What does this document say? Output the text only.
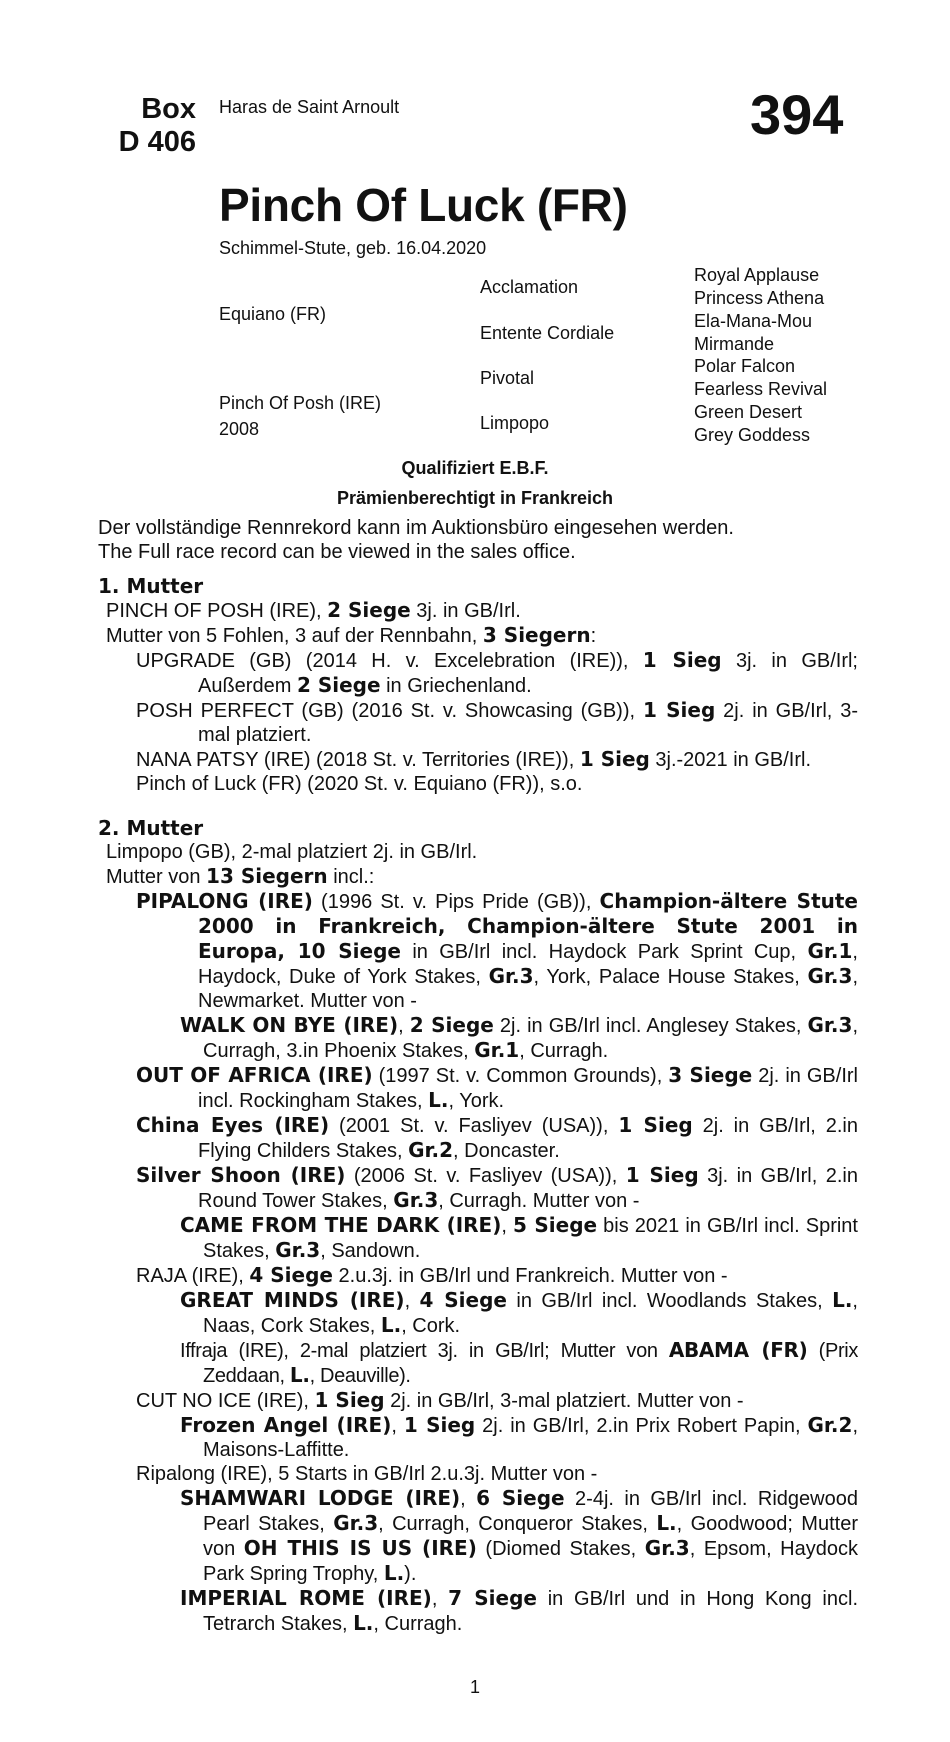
Box
D 406
Haras de Saint Arnoult	394
Pinch Of Luck (FR)
Schimmel-Stute, geb. 16.04.2020
Equiano (FR)
Pinch Of Posh (IRE)
2008
Acclamation
Entente Cordiale
Pivotal
Limpopo
Royal Applause
Princess Athena
Ela-Mana-Mou
Mirmande
Polar Falcon
Fearless Revival
Green Desert
Grey Goddess
Qualifiziert E.B.F.
Prämienberechtigt in Frankreich
Der vollständige Rennrekord kann im Auktionsbüro eingesehen werden.
The Full race record can be viewed in the sales office.
1. Mutter
PINCH OF POSH (IRE), 2 Siege 3j. in GB/Irl.
Mutter von 5 Fohlen, 3 auf der Rennbahn, 3 Siegern:
UPGRADE (GB) (2014 H. v. Excelebration (IRE)), 1 Sieg 3j. in GB/Irl; Außerdem 2 Siege in Griechenland.
POSH PERFECT (GB) (2016 St. v. Showcasing (GB)), 1 Sieg 2j. in GB/Irl, 3-mal platziert.
NANA PATSY (IRE) (2018 St. v. Territories (IRE)), 1 Sieg 3j.-2021 in GB/Irl.
Pinch of Luck (FR) (2020 St. v. Equiano (FR)), s.o.
2. Mutter
Limpopo (GB), 2-mal platziert 2j. in GB/Irl.
Mutter von 13 Siegern incl.:
PIPALONG (IRE) (1996 St. v. Pips Pride (GB)), Champion-ältere Stute 2000 in Frankreich, Champion-ältere Stute 2001 in Europa, 10 Siege in GB/Irl incl. Haydock Park Sprint Cup, Gr.1, Haydock, Duke of York Stakes, Gr.3, York, Palace House Stakes, Gr.3, Newmarket. Mutter von -
WALK ON BYE (IRE), 2 Siege 2j. in GB/Irl incl. Anglesey Stakes, Gr.3, Curragh, 3.in Phoenix Stakes, Gr.1, Curragh.
OUT OF AFRICA (IRE) (1997 St. v. Common Grounds), 3 Siege 2j. in GB/Irl incl. Rockingham Stakes, L., York.
China Eyes (IRE) (2001 St. v. Fasliyev (USA)), 1 Sieg 2j. in GB/Irl, 2.in Flying Childers Stakes, Gr.2, Doncaster.
Silver Shoon (IRE) (2006 St. v. Fasliyev (USA)), 1 Sieg 3j. in GB/Irl, 2.in Round Tower Stakes, Gr.3, Curragh. Mutter von -
CAME FROM THE DARK (IRE), 5 Siege bis 2021 in GB/Irl incl. Sprint Stakes, Gr.3, Sandown.
RAJA (IRE), 4 Siege 2.u.3j. in GB/Irl und Frankreich. Mutter von -
GREAT MINDS (IRE), 4 Siege in GB/Irl incl. Woodlands Stakes, L., Naas, Cork Stakes, L., Cork.
Iffraja (IRE), 2-mal platziert 3j. in GB/Irl; Mutter von ABAMA (FR) (Prix Zeddaan, L., Deauville).
CUT NO ICE (IRE), 1 Sieg 2j. in GB/Irl, 3-mal platziert. Mutter von -
Frozen Angel (IRE), 1 Sieg 2j. in GB/Irl, 2.in Prix Robert Papin, Gr.2, Maisons-Laffitte.
Ripalong (IRE), 5 Starts in GB/Irl 2.u.3j. Mutter von -
SHAMWARI LODGE (IRE), 6 Siege 2-4j. in GB/Irl incl. Ridgewood Pearl Stakes, Gr.3, Curragh, Conqueror Stakes, L., Goodwood; Mutter von OH THIS IS US (IRE) (Diomed Stakes, Gr.3, Epsom, Haydock Park Spring Trophy, L.).
IMPERIAL ROME (IRE), 7 Siege in GB/Irl und in Hong Kong incl. Tetrarch Stakes, L., Curragh.
1
